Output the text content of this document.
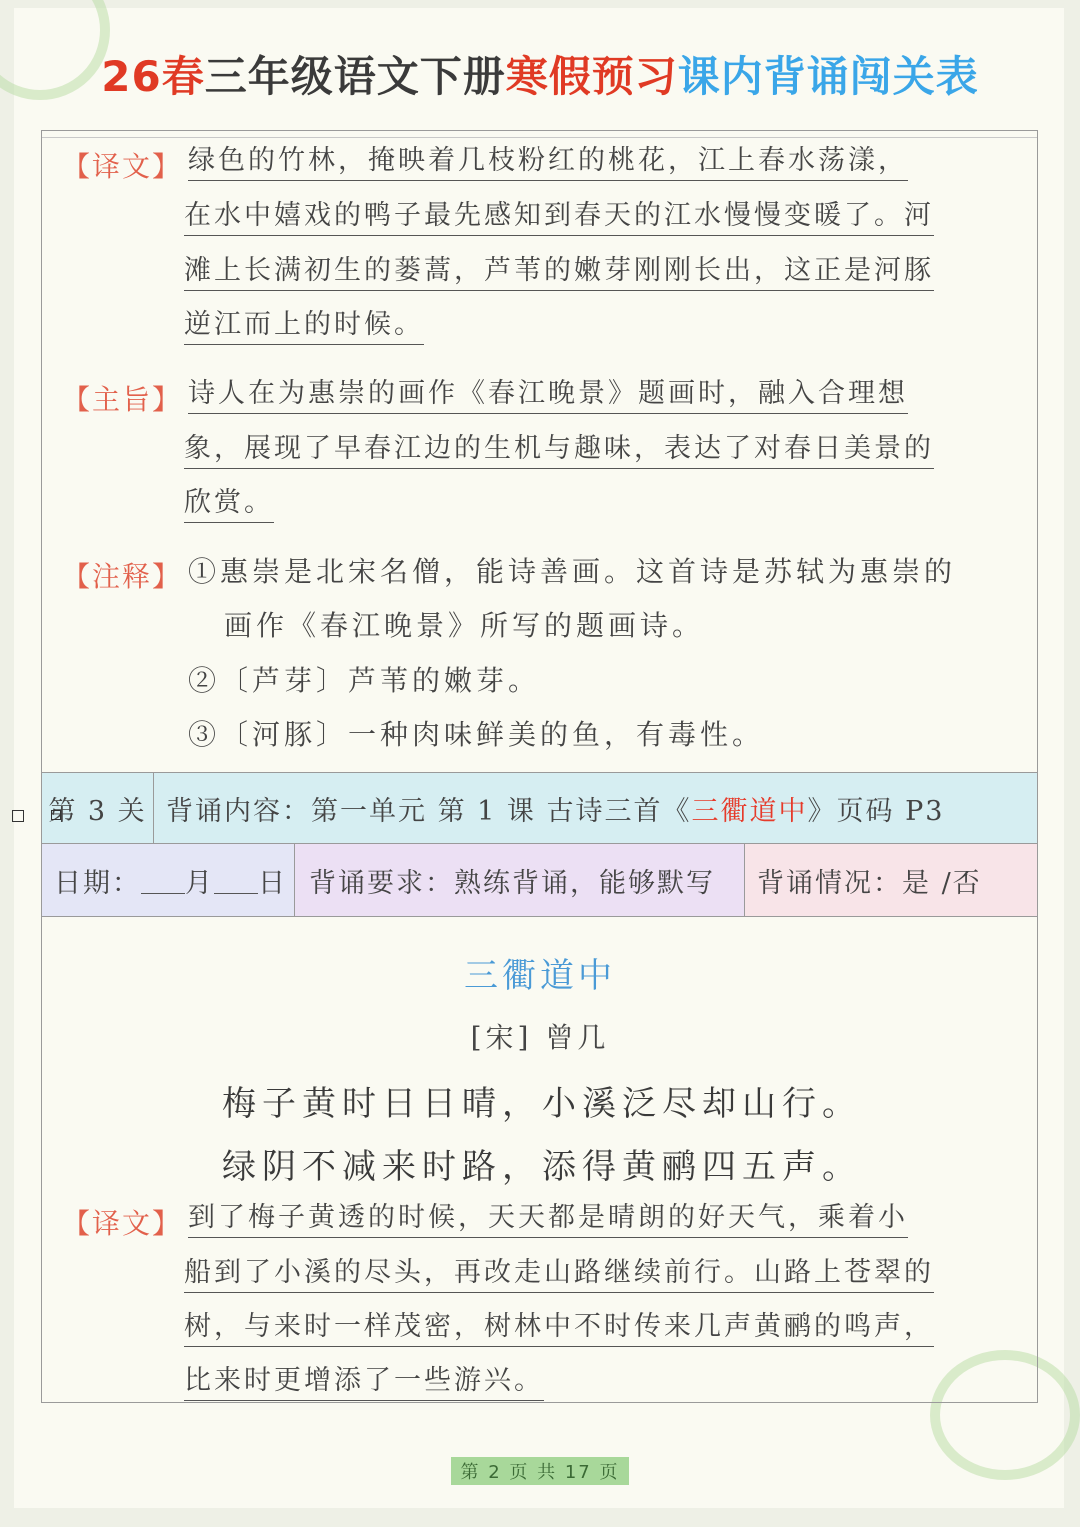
26春三年级语文下册寒假预习课内背诵闯关表
【译文】 绿色的竹林，掩映着几枝粉红的桃花，江上春水荡漾，
在水中嬉戏的鸭子最先感知到春天的江水慢慢变暖了。河
滩上长满初生的蒌蒿，芦苇的嫩芽刚刚长出，这正是河豚
逆江而上的时候。
【主旨】 诗人在为惠崇的画作《春江晚景》题画时，融入合理想
象，展现了早春江边的生机与趣味，表达了对春日美景的
欣赏。
【注释】 ①惠崇是北宋名僧，能诗善画。这首诗是苏轼为惠崇的
画作《春江晚景》所写的题画诗。
②〔芦芽〕芦苇的嫩芽。
③〔河豚〕一种肉味鲜美的鱼，有毒性。
第 3 关 背诵内容：第一单元 第 1 课 古诗三首《 三衢道中 》页码 P3
日期： 月 日 背诵要求：熟练背诵，能够默写	背诵情况：是 /否
三衢道中
[宋] 曾几
梅子黄时日日晴，小溪泛尽却山行。
绿阴不减来时路，添得黄鹂四五声。
【译文】 到了梅子黄透的时候，天天都是晴朗的好天气，乘着小
船到了小溪的尽头，再改走山路继续前行。山路上苍翠的
树，与来时一样茂密，树林中不时传来几声黄鹂的鸣声，
比来时更增添了一些游兴。
第 2 页 共 17 页
